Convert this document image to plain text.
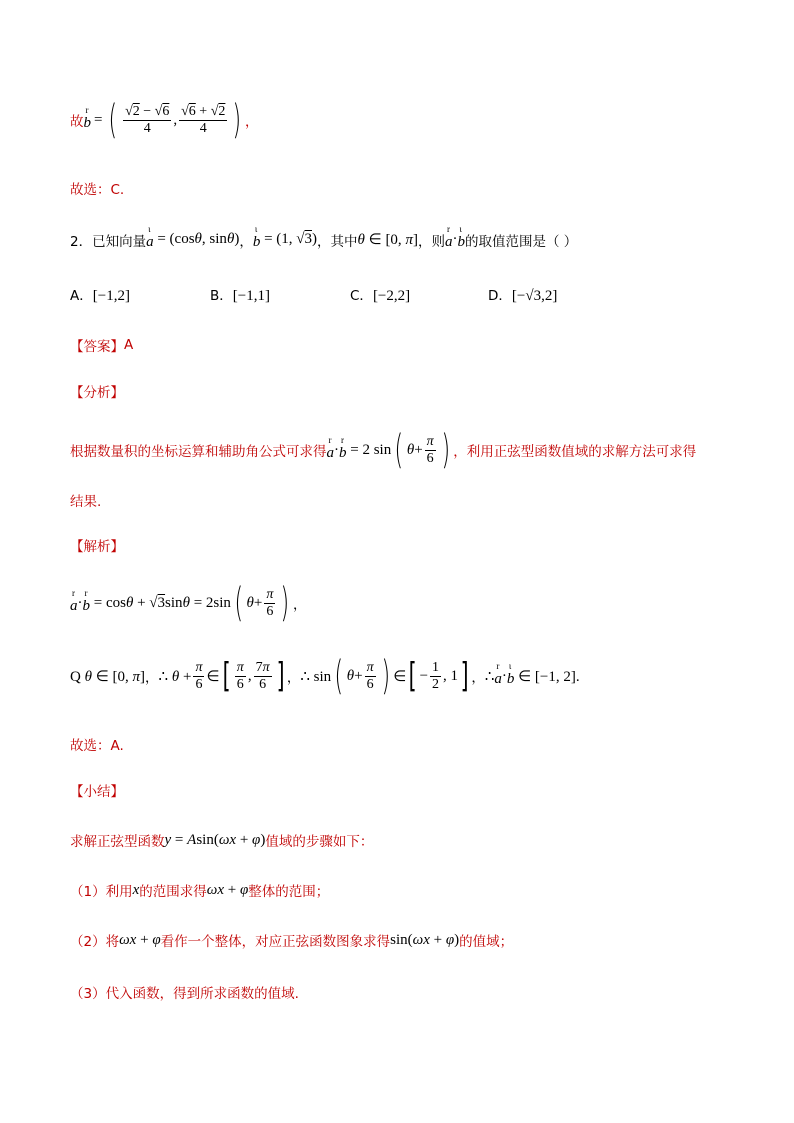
故
r
b = ( $\frac{√2 - √6}{4}$ , $\frac{√6 + √2}{4}$ ) ，
故选：C.
2．已知向量
ι
a = (cosθ, sinθ) ，
ι
b = (1, √3) ，其中 θ ∈ [0, π] ，则
r
a ·
ι
b 的取值范围是（ ）
A．[−1,2]	B．[−1,1]	C．[−2,2]	D．[−√3,2]
【答案】 A
【分析】
根据数量积的坐标运算和辅助角公式可求得
r
a ·
r
b = 2 sin ( $\theta + \frac{\pi}{6}$ ) ，利用正弦型函数值域的求解方法可求得
结果.
【解析】
r
a ·
r
b = cosθ + √3sinθ = 2sin ( $\theta + \frac{\pi}{6}$ ) ，
Q θ ∈ [0, π] ， ∴ $\theta + \frac{\pi}{6}$ ∈ [ $\frac{\pi}{6}$ , $\frac{7\pi}{6}$ ] ， ∴ sin ( $\theta + \frac{\pi}{6}$ ) ∈ [ − $\frac{1}{2}$ , 1 ] ， ∴
r
a ·
ι
b ∈ [−1, 2].
故选：A.
【小结】
求解正弦型函数 y = Asin(ωx + φ) 值域的步骤如下：
（1）利用 x 的范围求得 ωx + φ 整体的范围；
（2）将 ωx + φ 看作一个整体，对应正弦函数图象求得 sin(ωx + φ) 的值域；
（3）代入函数，得到所求函数的值域.
